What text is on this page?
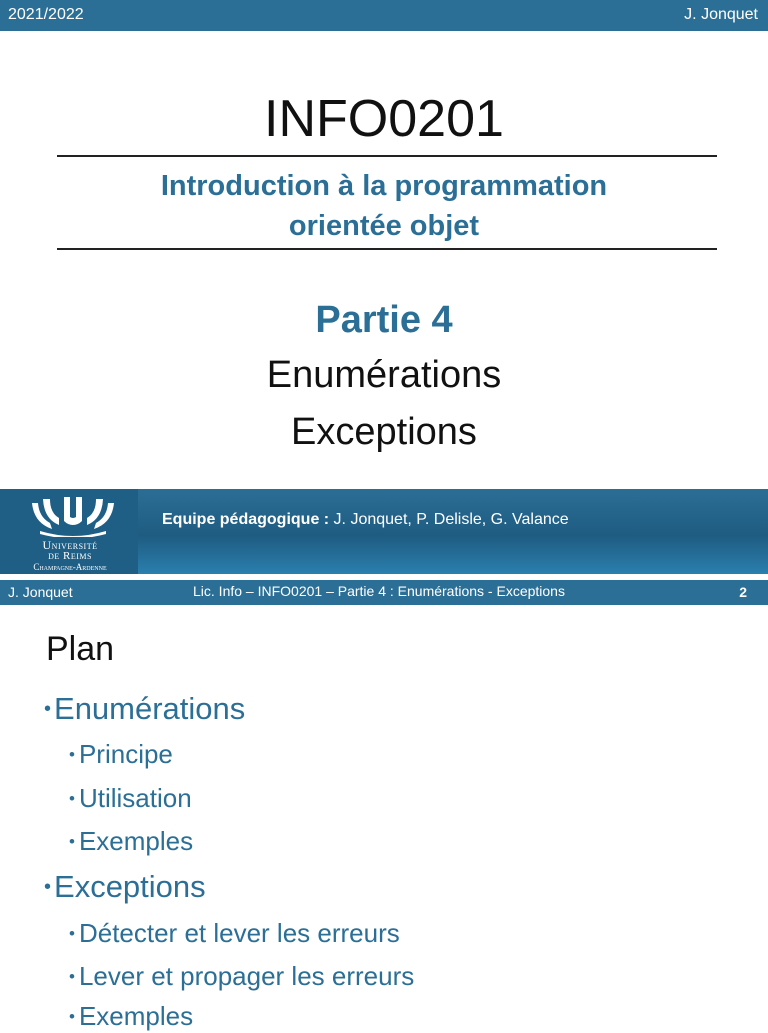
2021/2022	J. Jonquet
INFO0201
Introduction à la programmation
orientée objet
Partie 4
Enumérations
Exceptions
Université
de Reims
Champagne-Ardenne
Equipe pédagogique : J. Jonquet, P. Delisle, G. Valance
J. Jonquet	Lic. Info – INFO0201 – Partie 4 : Enumérations - Exceptions	2
Plan
•Enumérations
• Principe
• Utilisation
• Exemples
•Exceptions
• Détecter et lever les erreurs
• Lever et propager les erreurs
• Exemples
